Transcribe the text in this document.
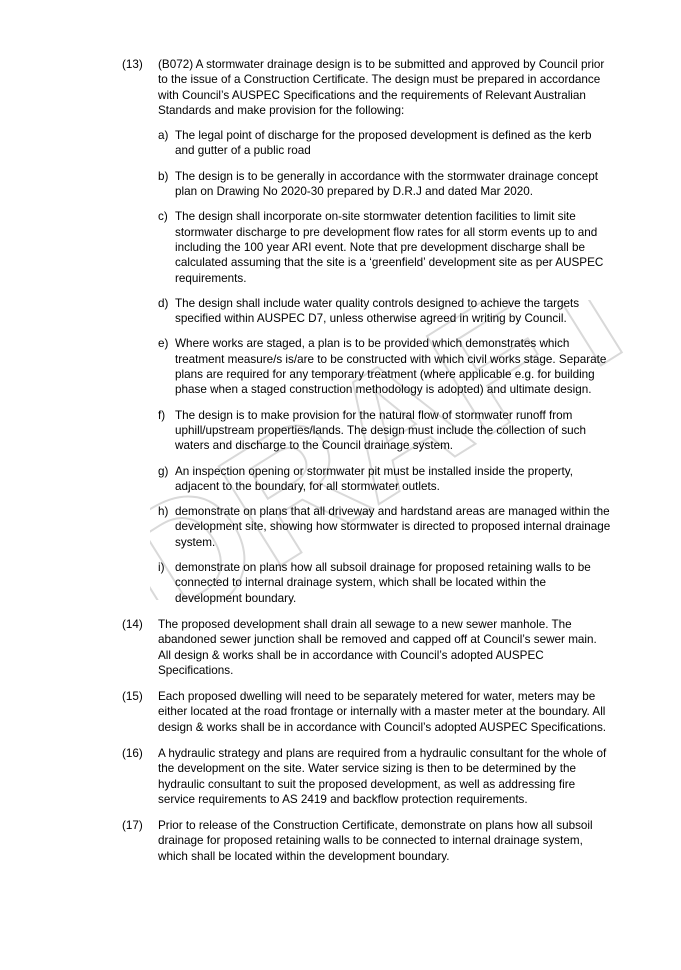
DRAFT
(13) (B072) A stormwater drainage design is to be submitted and approved by Council prior to the issue of a Construction Certificate. The design must be prepared in accordance with Council’s AUSPEC Specifications and the requirements of Relevant Australian Standards and make provision for the following:
a) The legal point of discharge for the proposed development is defined as the kerb and gutter of a public road
b) The design is to be generally in accordance with the stormwater drainage concept plan on Drawing No 2020-30 prepared by D.R.J and dated Mar 2020.
c) The design shall incorporate on-site stormwater detention facilities to limit site stormwater discharge to pre development flow rates for all storm events up to and including the 100 year ARI event. Note that pre development discharge shall be calculated assuming that the site is a ‘greenfield’ development site as per AUSPEC requirements.
d) The design shall include water quality controls designed to achieve the targets specified within AUSPEC D7, unless otherwise agreed in writing by Council.
e) Where works are staged, a plan is to be provided which demonstrates which treatment measure/s is/are to be constructed with which civil works stage. Separate plans are required for any temporary treatment (where applicable e.g. for building phase when a staged construction methodology is adopted) and ultimate design.
f) The design is to make provision for the natural flow of stormwater runoff from uphill/upstream properties/lands. The design must include the collection of such waters and discharge to the Council drainage system.
g) An inspection opening or stormwater pit must be installed inside the property, adjacent to the boundary, for all stormwater outlets.
h) demonstrate on plans that all driveway and hardstand areas are managed within the development site, showing how stormwater is directed to proposed internal drainage system.
i) demonstrate on plans how all subsoil drainage for proposed retaining walls to be connected to internal drainage system, which shall be located within the development boundary.
(14) The proposed development shall drain all sewage to a new sewer manhole. The abandoned sewer junction shall be removed and capped off at Council’s sewer main. All design & works shall be in accordance with Council’s adopted AUSPEC Specifications.
(15) Each proposed dwelling will need to be separately metered for water, meters may be either located at the road frontage or internally with a master meter at the boundary. All design & works shall be in accordance with Council’s adopted AUSPEC Specifications.
(16) A hydraulic strategy and plans are required from a hydraulic consultant for the whole of the development on the site. Water service sizing is then to be determined by the hydraulic consultant to suit the proposed development, as well as addressing fire service requirements to AS 2419 and backflow protection requirements.
(17) Prior to release of the Construction Certificate, demonstrate on plans how all subsoil drainage for proposed retaining walls to be connected to internal drainage system, which shall be located within the development boundary.
